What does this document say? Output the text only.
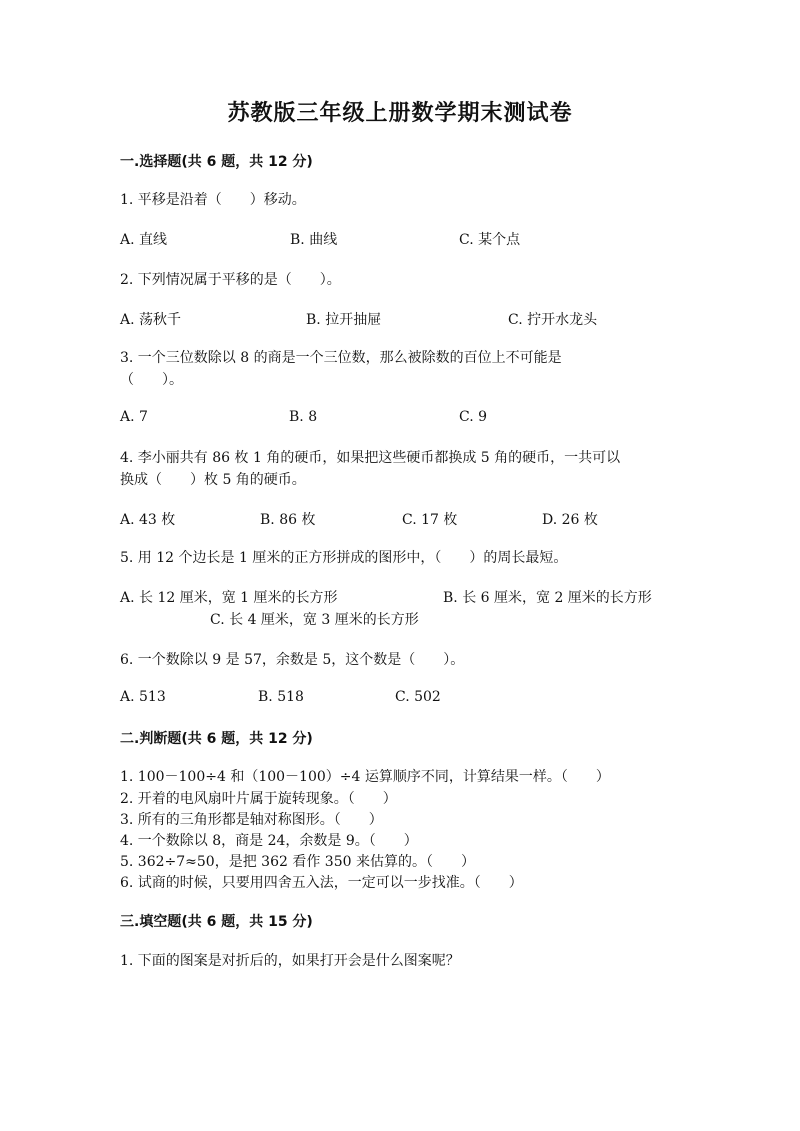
苏教版三年级上册数学期末测试卷
一.选择题(共 6 题，共 12 分)
1. 平移是沿着（　　）移动。
A. 直线	B. 曲线	C. 某个点
2. 下列情况属于平移的是（　　）。
A. 荡秋千	B. 拉开抽屉	C. 拧开水龙头
3. 一个三位数除以 8 的商是一个三位数，那么被除数的百位上不可能是
（　　）。
A. 7	B. 8	C. 9
4. 李小丽共有 86 枚 1 角的硬币，如果把这些硬币都换成 5 角的硬币，一共可以
换成（　　）枚 5 角的硬币。
A. 43 枚	B. 86 枚	C. 17 枚	D. 26 枚
5. 用 12 个边长是 1 厘米的正方形拼成的图形中，（　　）的周长最短。
A. 长 12 厘米，宽 1 厘米的长方形	B. 长 6 厘米，宽 2 厘米的长方形
C. 长 4 厘米，宽 3 厘米的长方形
6. 一个数除以 9 是 57，余数是 5，这个数是（　　）。
A. 513	B. 518	C. 502
二.判断题(共 6 题，共 12 分)
1. 100－100÷4 和（100－100）÷4 运算顺序不同，计算结果一样。（　　）
2. 开着的电风扇叶片属于旋转现象。（　　）
3. 所有的三角形都是轴对称图形。（　　）
4. 一个数除以 8，商是 24，余数是 9。（　　）
5. 362÷7≈50，是把 362 看作 350 来估算的。（　　）
6. 试商的时候，只要用四舍五入法，一定可以一步找准。（　　）
三.填空题(共 6 题，共 15 分)
1. 下面的图案是对折后的，如果打开会是什么图案呢？
